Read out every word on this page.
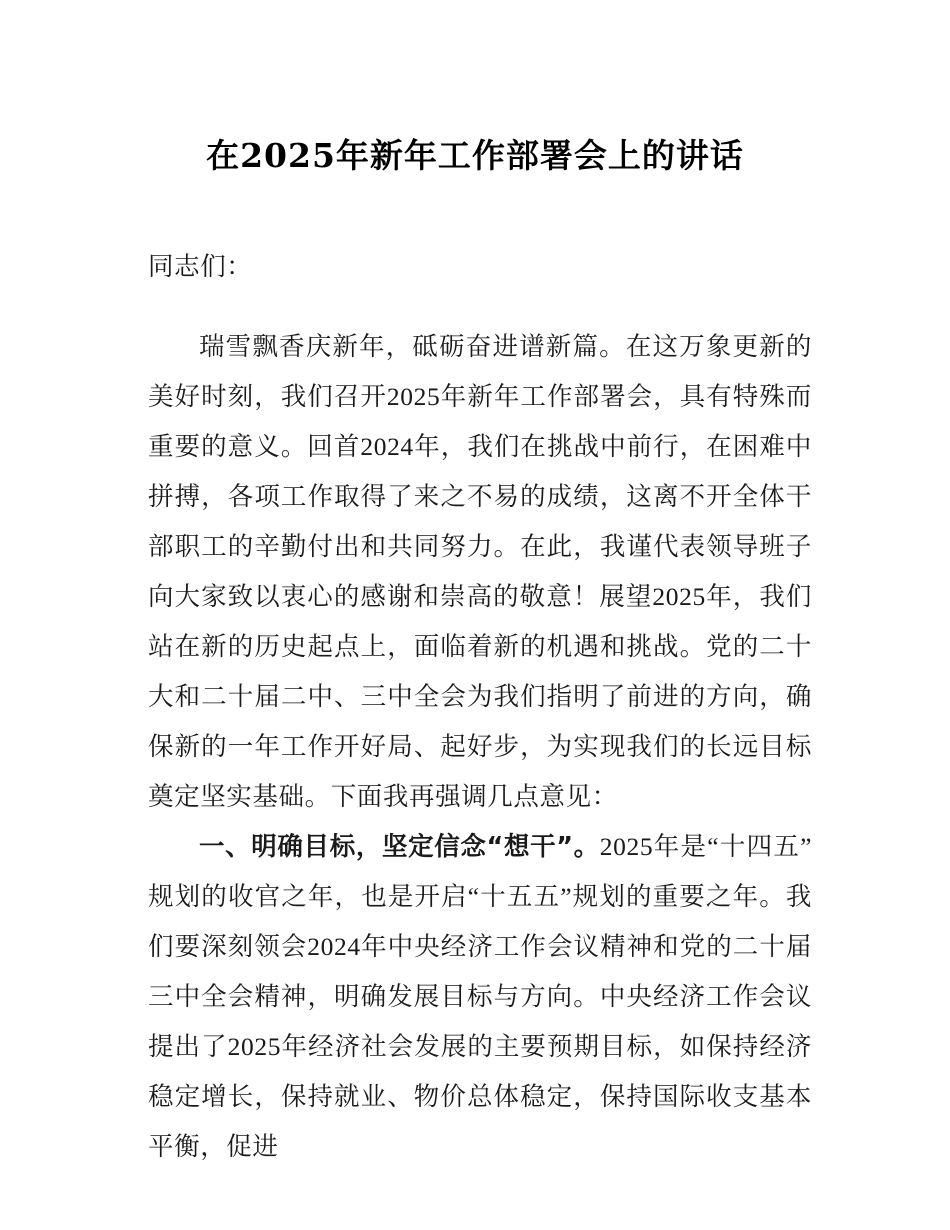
在2025年新年工作部署会上的讲话

同志们：

瑞雪飘香庆新年，砥砺奋进谱新篇。在这万象更新的美好时刻，我们召开2025年新年工作部署会，具有特殊而重要的意义。回首2024年，我们在挑战中前行，在困难中拼搏，各项工作取得了来之不易的成绩，这离不开全体干部职工的辛勤付出和共同努力。在此，我谨代表领导班子向大家致以衷心的感谢和崇高的敬意！展望2025年，我们站在新的历史起点上，面临着新的机遇和挑战。党的二十大和二十届二中、三中全会为我们指明了前进的方向，确保新的一年工作开好局、起好步，为实现我们的长远目标奠定坚实基础。下面我再强调几点意见：

一、明确目标，坚定信念“想干”。2025年是“十四五”规划的收官之年，也是开启“十五五”规划的重要之年。我们要深刻领会2024年中央经济工作会议精神和党的二十届三中全会精神，明确发展目标与方向。中央经济工作会议提出了2025年经济社会发展的主要预期目标，如保持经济稳定增长，保持就业、物价总体稳定，保持国际收支基本平衡，促进
